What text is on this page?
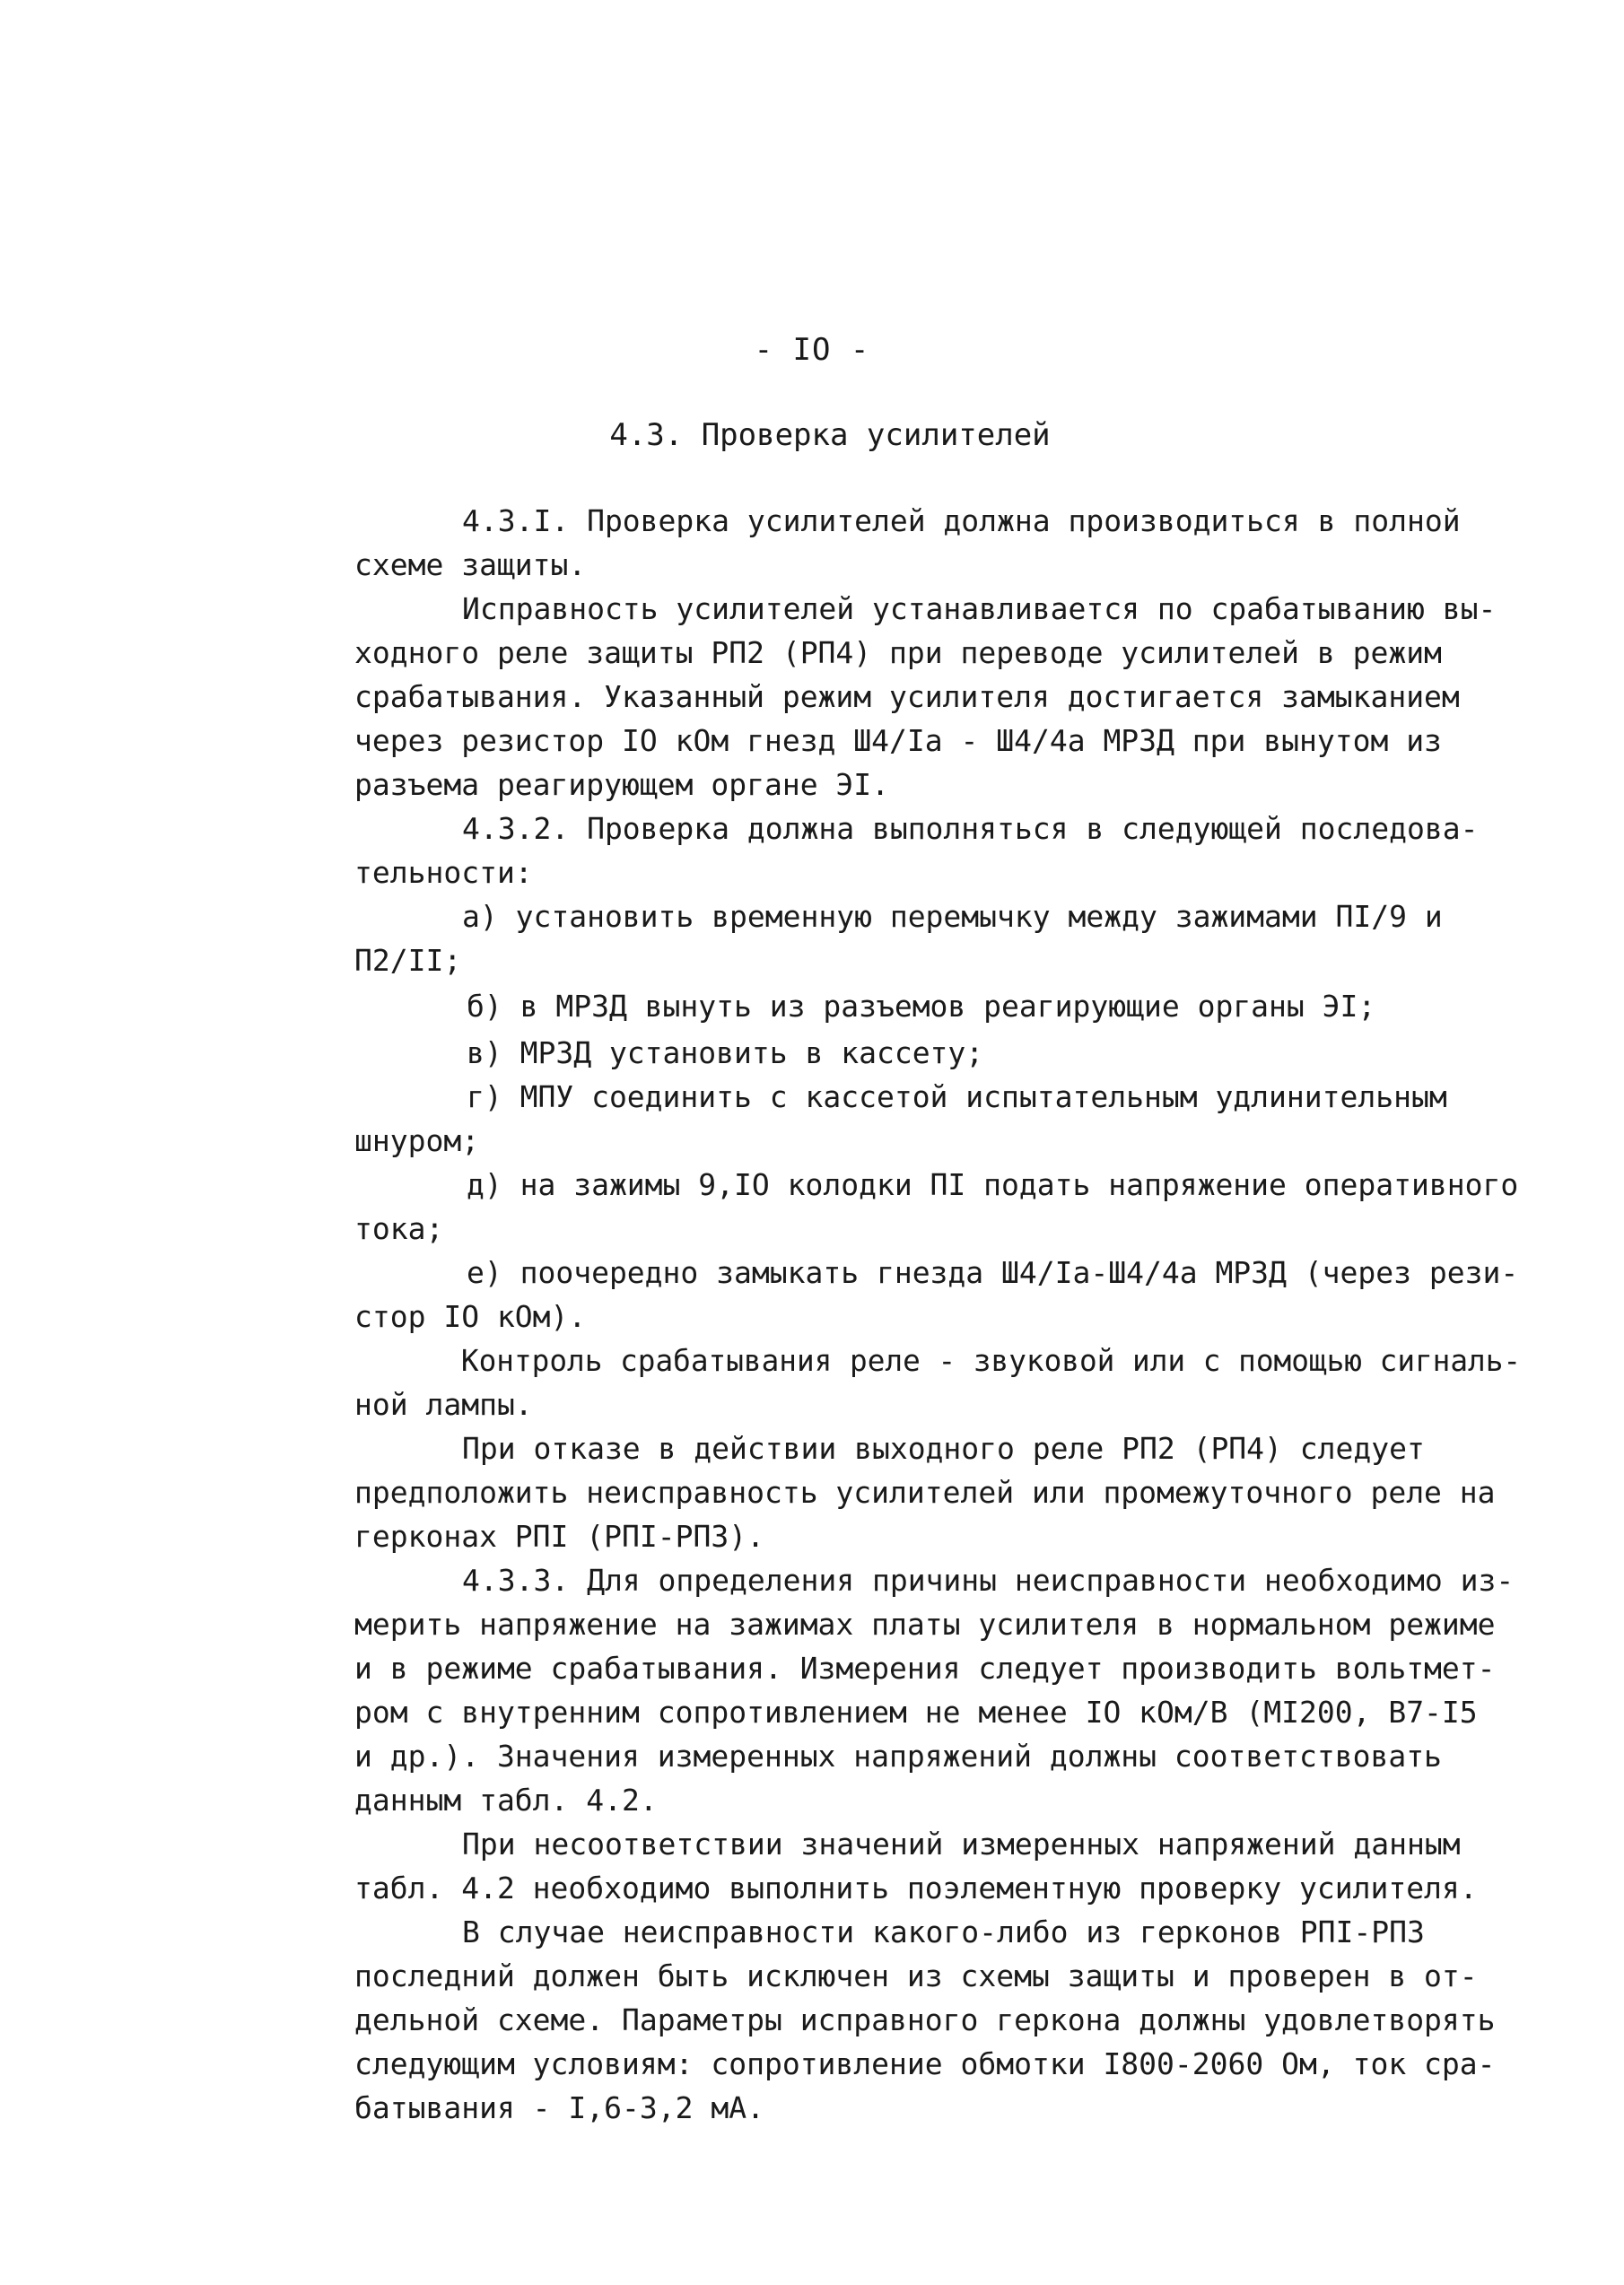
- IO -
4.3. Проверка усилителей
4.3.I. Проверка усилителей должна производиться в полной
схеме защиты.
Исправность усилителей устанавливается по срабатыванию вы-
ходного реле защиты РП2 (РП4) при переводе усилителей в режим
срабатывания. Указанный режим усилителя достигается замыканием
через резистор IO кОм гнезд Ш4/Iа - Ш4/4а МРЗД при вынутом из
разъема реагирующем органе ЭI.
4.3.2. Проверка должна выполняться в следующей последова-
тельности:
а) установить временную перемычку между зажимами ПI/9 и
П2/II;
б) в МРЗД вынуть из разъемов реагирующие органы ЭI;
в) МРЗД установить в кассету;
г) МПУ соединить с кассетой испытательным удлинительным
шнуром;
д) на зажимы 9,IO колодки ПI подать напряжение оперативного
тока;
е) поочередно замыкать гнезда Ш4/Iа-Ш4/4а МРЗД (через рези-
стор IO кОм).
Контроль срабатывания реле - звуковой или с помощью сигналь-
ной лампы.
При отказе в действии выходного реле РП2 (РП4) следует
предположить неисправность усилителей или промежуточного реле на
герконах РПI (РПI-РП3).
4.3.3. Для определения причины неисправности необходимо из-
мерить напряжение на зажимах платы усилителя в нормальном режиме
и в режиме срабатывания. Измерения следует производить вольтмет-
ром с внутренним сопротивлением не менее IO кОм/В (МI200, В7-I5
и др.). Значения измеренных напряжений должны соответствовать
данным табл. 4.2.
При несоответствии значений измеренных напряжений данным
табл. 4.2 необходимо выполнить поэлементную проверку усилителя.
В случае неисправности какого-либо из герконов РПI-РП3
последний должен быть исключен из схемы защиты и проверен в от-
дельной схеме. Параметры исправного геркона должны удовлетворять
следующим условиям: сопротивление обмотки I800-2060 Ом, ток сра-
батывания - I,6-3,2 мА.
